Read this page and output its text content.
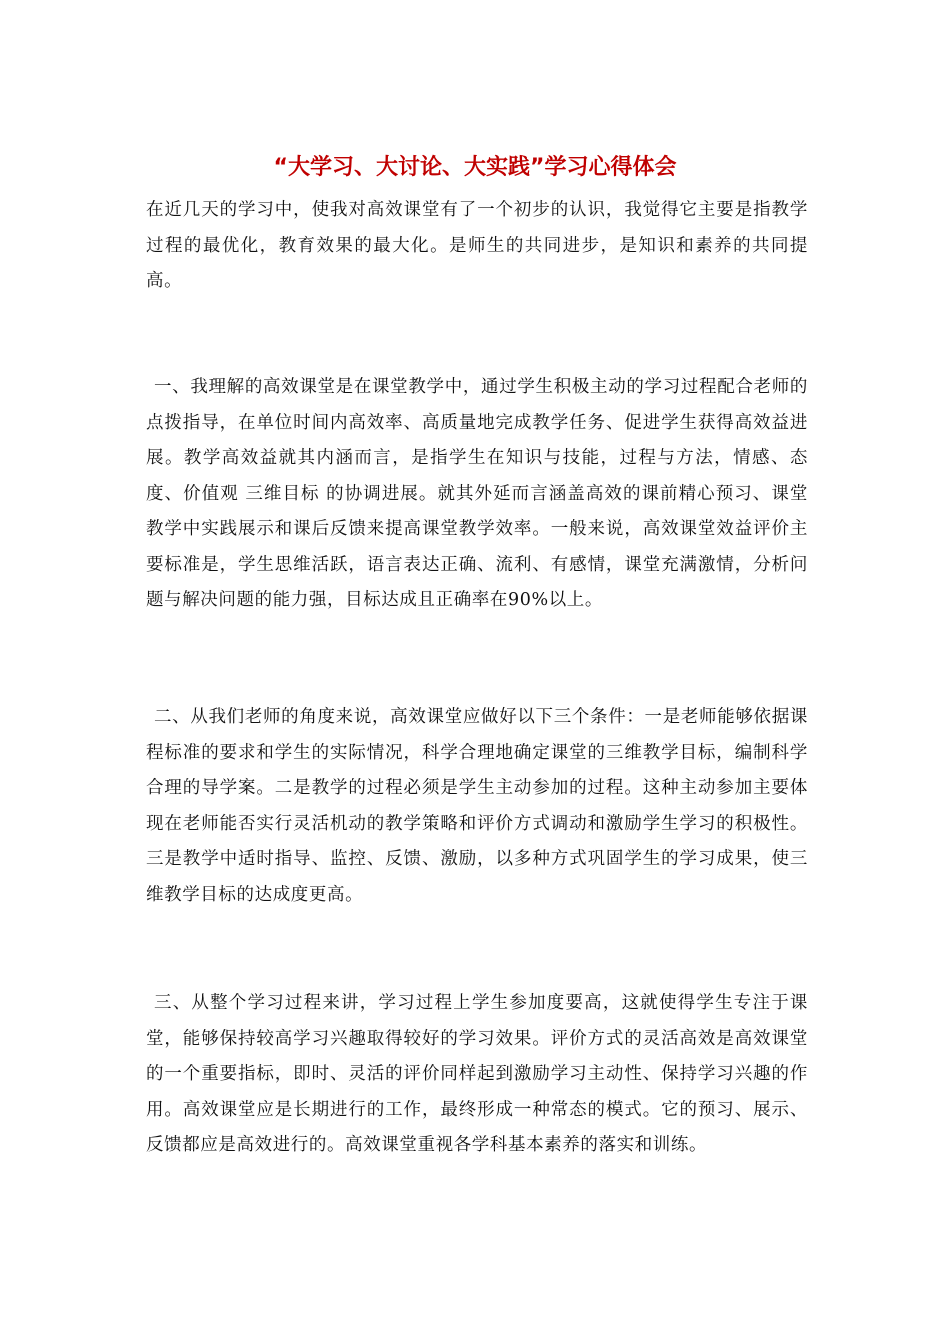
“大学习、大讨论、大实践”学习心得体会

在近几天的学习中，使我对高效课堂有了一个初步的认识，我觉得它主要是指教学过程的最优化，教育效果的最大化。是师生的共同进步，是知识和素养的共同提高。

一、我理解的高效课堂是在课堂教学中，通过学生积极主动的学习过程配合老师的点拨指导，在单位时间内高效率、高质量地完成教学任务、促进学生获得高效益进展。教学高效益就其内涵而言，是指学生在知识与技能，过程与方法，情感、态度、价值观 三维目标 的协调进展。就其外延而言涵盖高效的课前精心预习、课堂教学中实践展示和课后反馈来提高课堂教学效率。一般来说，高效课堂效益评价主要标准是，学生思维活跃，语言表达正确、流利、有感情，课堂充满激情，分析问题与解决问题的能力强，目标达成且正确率在90%以上。

二、从我们老师的角度来说，高效课堂应做好以下三个条件：一是老师能够依据课程标准的要求和学生的实际情况，科学合理地确定课堂的三维教学目标，编制科学合理的导学案。二是教学的过程必须是学生主动参加的过程。这种主动参加主要体现在老师能否实行灵活机动的教学策略和评价方式调动和激励学生学习的积极性。三是教学中适时指导、监控、反馈、激励，以多种方式巩固学生的学习成果，使三维教学目标的达成度更高。

三、从整个学习过程来讲，学习过程上学生参加度要高，这就使得学生专注于课堂，能够保持较高学习兴趣取得较好的学习效果。评价方式的灵活高效是高效课堂的一个重要指标，即时、灵活的评价同样起到激励学习主动性、保持学习兴趣的作用。高效课堂应是长期进行的工作，最终形成一种常态的模式。它的预习、展示、反馈都应是高效进行的。高效课堂重视各学科基本素养的落实和训练。
